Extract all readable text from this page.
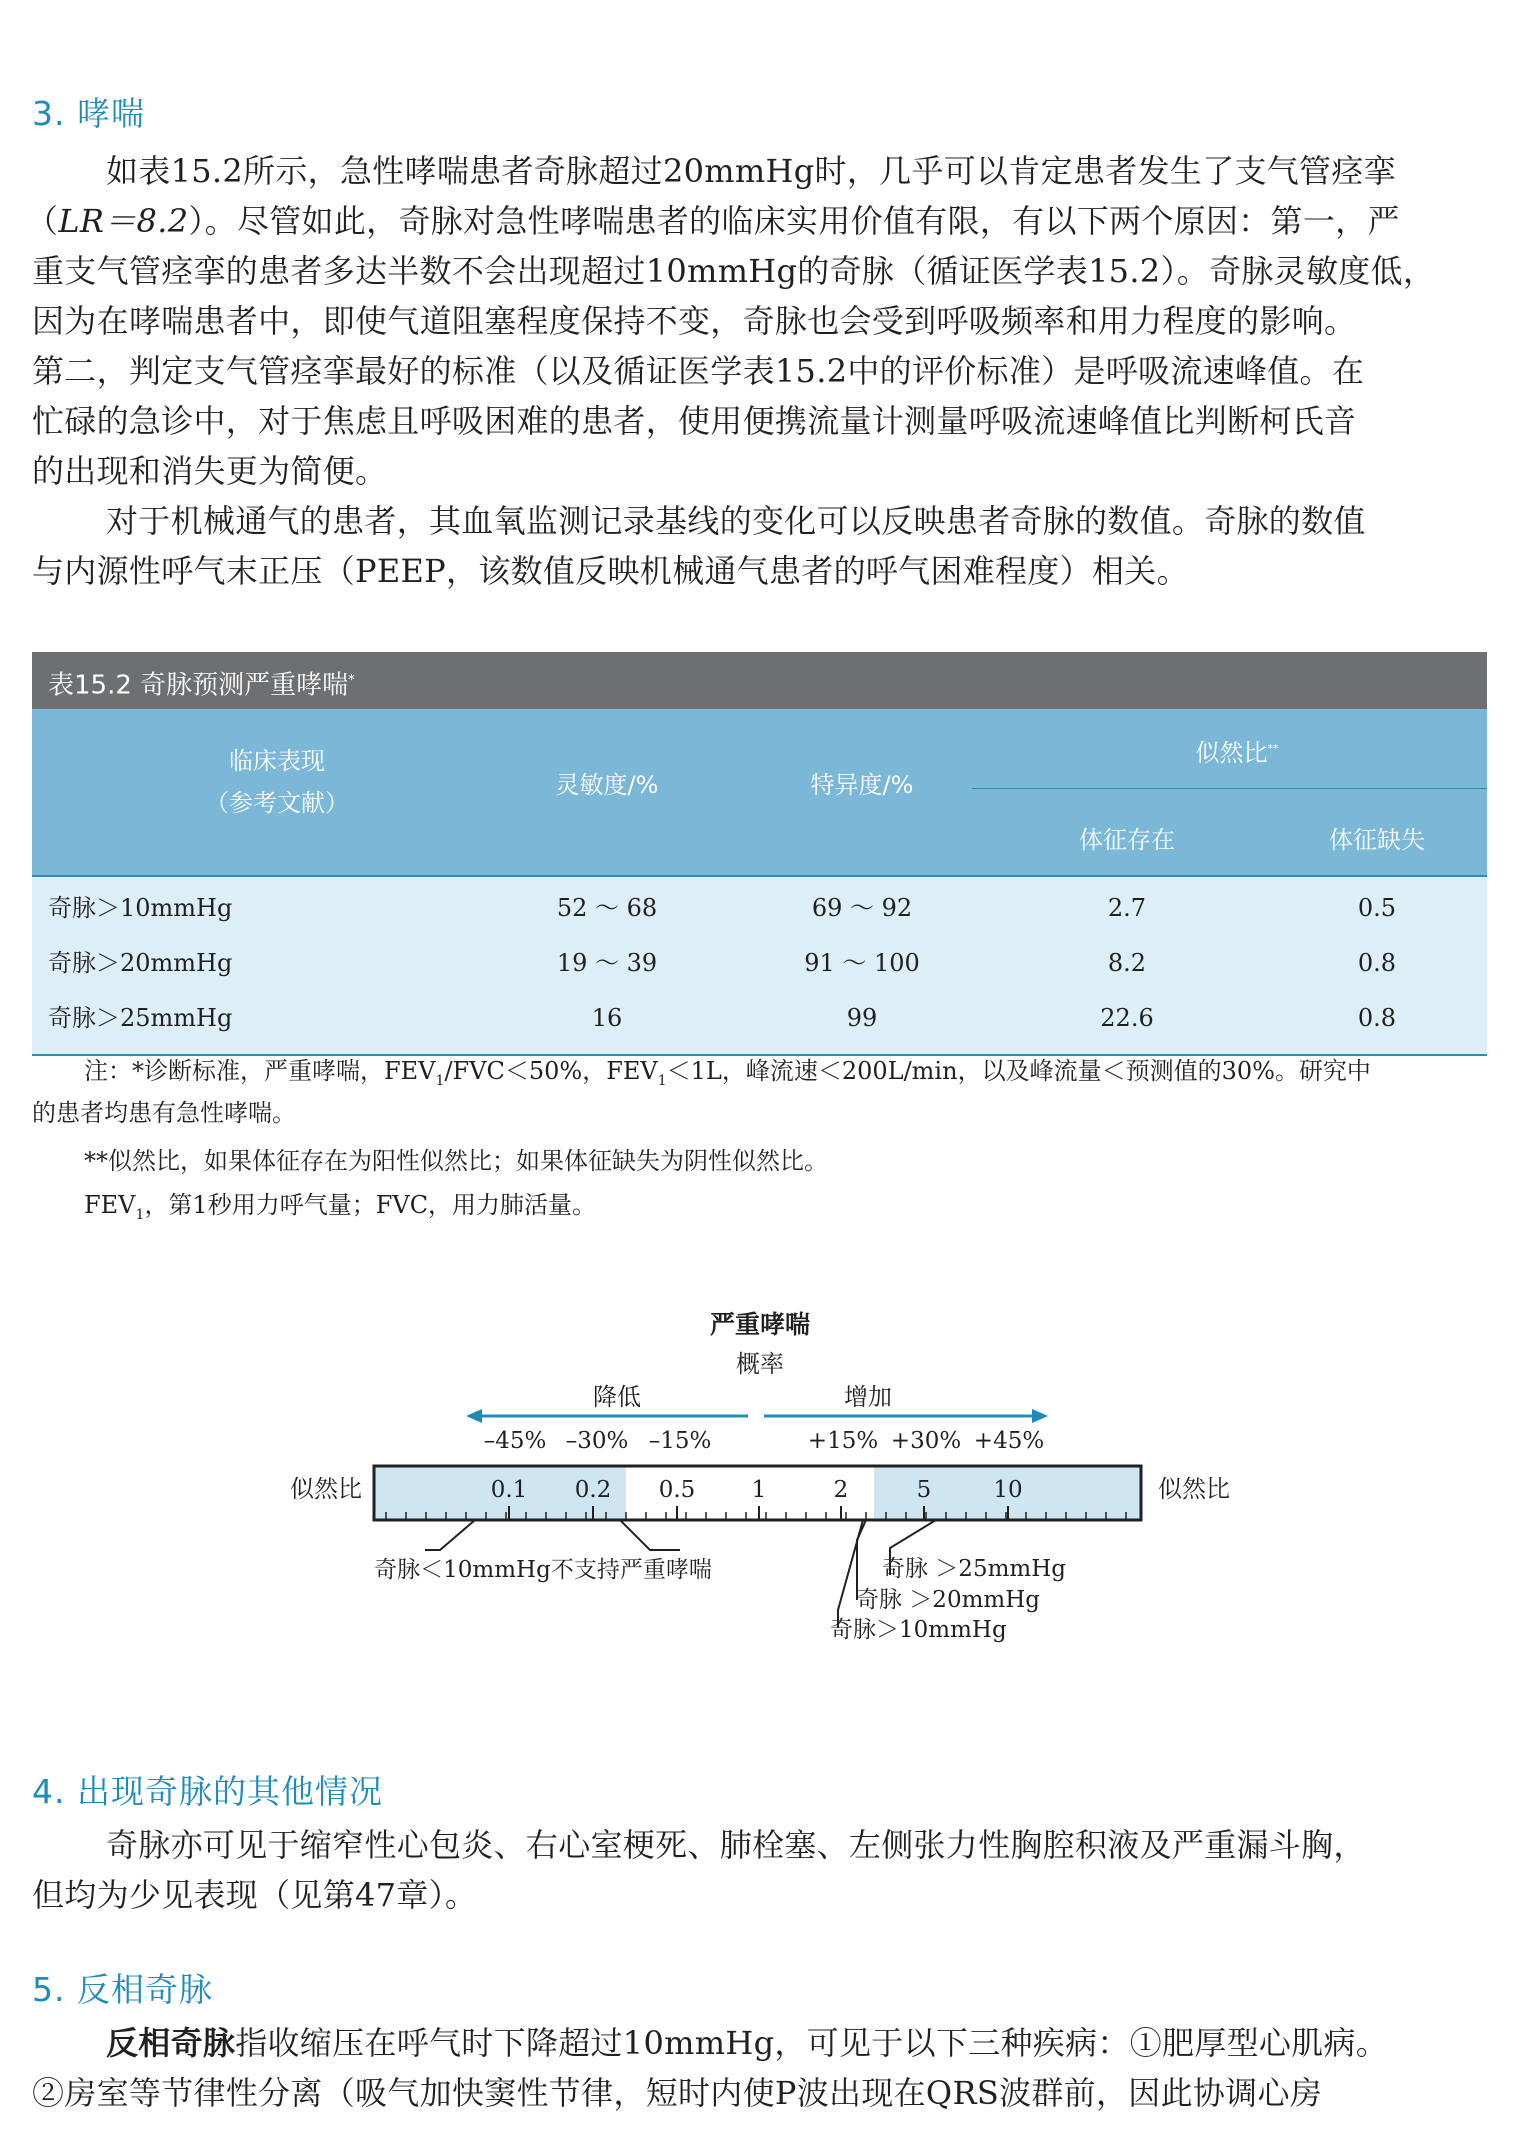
3. 哮喘
如表15.2所示，急性哮喘患者奇脉超过20mmHg时，几乎可以肯定患者发生了支气管痉挛
（LR＝8.2）。尽管如此，奇脉对急性哮喘患者的临床实用价值有限，有以下两个原因：第一，严
重支气管痉挛的患者多达半数不会出现超过10mmHg的奇脉（循证医学表15.2）。奇脉灵敏度低，
因为在哮喘患者中，即使气道阻塞程度保持不变，奇脉也会受到呼吸频率和用力程度的影响。
第二，判定支气管痉挛最好的标准（以及循证医学表15.2中的评价标准）是呼吸流速峰值。在
忙碌的急诊中，对于焦虑且呼吸困难的患者，使用便携流量计测量呼吸流速峰值比判断柯氏音
的出现和消失更为简便。
对于机械通气的患者，其血氧监测记录基线的变化可以反映患者奇脉的数值。奇脉的数值
与内源性呼气末正压（PEEP，该数值反映机械通气患者的呼气困难程度）相关。
表15.2 奇脉预测严重哮喘*
临床表现
（参考文献）
灵敏度/%	特异度/%
似然比**
体征存在	体征缺失
奇脉＞10mmHg	52 ～ 68	69 ～ 92	2.7	0.5
奇脉＞20mmHg	19 ～ 39	91 ～ 100	8.2	0.8
奇脉＞25mmHg	16	99	22.6	0.8
注：*诊断标准，严重哮喘，$FEV_1/FVC<50\%$，$FEV_1<1L$，峰流速＜200L/min，以及峰流量＜预测值的30%。研究中
的患者均患有急性哮喘。
**似然比，如果体征存在为阳性似然比；如果体征缺失为阴性似然比。
$FEV_1$，第1秒用力呼气量；FVC，用力肺活量。
严重哮喘
概率
降低	增加
–45% –30% –15%	+15% +30% +45%
似然比	似然比
0.1 0.2 0.5 1	2	5	10
奇脉＜10mmHg不支持严重哮喘	奇脉 ＞25mmHg
奇脉 ＞20mmHg
奇脉＞10mmHg
4. 出现奇脉的其他情况
奇脉亦可见于缩窄性心包炎、右心室梗死、肺栓塞、左侧张力性胸腔积液及严重漏斗胸，
但均为少见表现（见第47章）。
5. 反相奇脉
反相奇脉指收缩压在呼气时下降超过10mmHg，可见于以下三种疾病：①肥厚型心肌病。
②房室等节律性分离（吸气加快窦性节律，短时内使P波出现在QRS波群前，因此协调心房
